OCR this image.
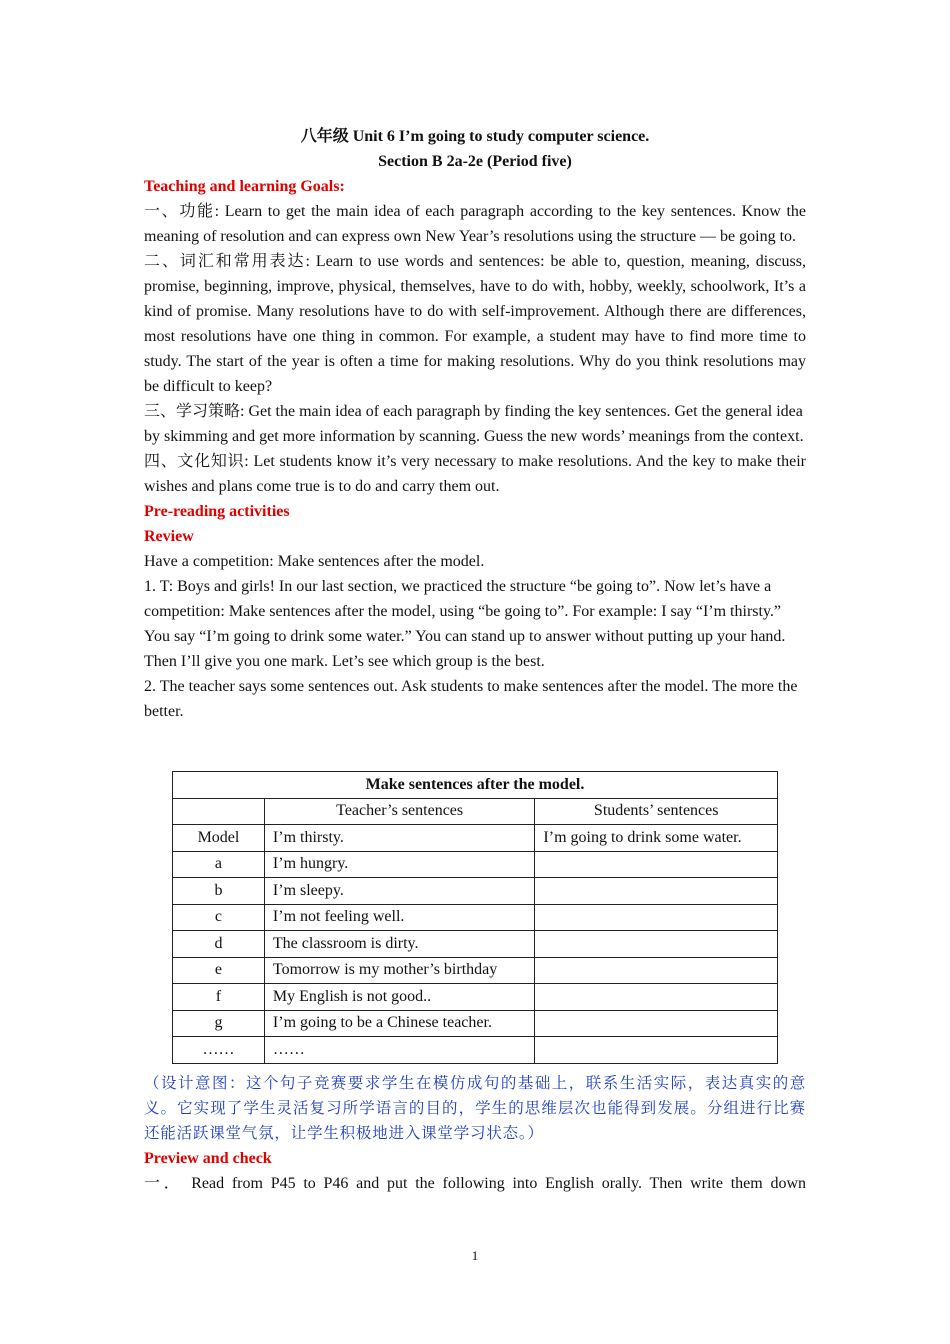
八年级 Unit 6 I’m going to study computer science.
Section B 2a-2e (Period five)
Teaching and learning Goals:
一、功能: Learn to get the main idea of each paragraph according to the key sentences. Know the meaning of resolution and can express own New Year’s resolutions using the structure — be going to.
二、词汇和常用表达: Learn to use words and sentences: be able to, question, meaning, discuss, promise, beginning, improve, physical, themselves, have to do with, hobby, weekly, schoolwork, It’s a kind of promise. Many resolutions have to do with self-improvement. Although there are differences, most resolutions have one thing in common. For example, a student may have to find more time to study. The start of the year is often a time for making resolutions. Why do you think resolutions may be difficult to keep?
三、学习策略: Get the main idea of each paragraph by finding the key sentences. Get the general idea by skimming and get more information by scanning. Guess the new words’ meanings from the context.
四、文化知识: Let students know it’s very necessary to make resolutions. And the key to make their wishes and plans come true is to do and carry them out.
Pre-reading activities
Review
Have a competition: Make sentences after the model.
1. T: Boys and girls! In our last section, we practiced the structure “be going to”. Now let’s have a competition: Make sentences after the model, using “be going to”. For example: I say “I’m thirsty.” You say “I’m going to drink some water.” You can stand up to answer without putting up your hand. Then I’ll give you one mark. Let’s see which group is the best.
2. The teacher says some sentences out. Ask students to make sentences after the model. The more the better.
Make sentences after the model.		
	Teacher’s sentences	Students’ sentences
Model	I’m thirsty.	I’m going to drink some water.
a	I’m hungry.	
b	I’m sleepy.	
c	I’m not feeling well.	
d	The classroom is dirty.	
e	Tomorrow is my mother’s birthday	
f	My English is not good..	
g	I’m going to be a Chinese teacher.	
……	……	
（设计意图：这个句子竞赛要求学生在模仿成句的基础上，联系生活实际，表达真实的意义。它实现了学生灵活复习所学语言的目的，学生的思维层次也能得到发展。分组进行比赛还能活跃课堂气氛，让学生积极地进入课堂学习状态。）
Preview and check
一． Read from P45 to P46 and put the following into English orally. Then write them down
1
